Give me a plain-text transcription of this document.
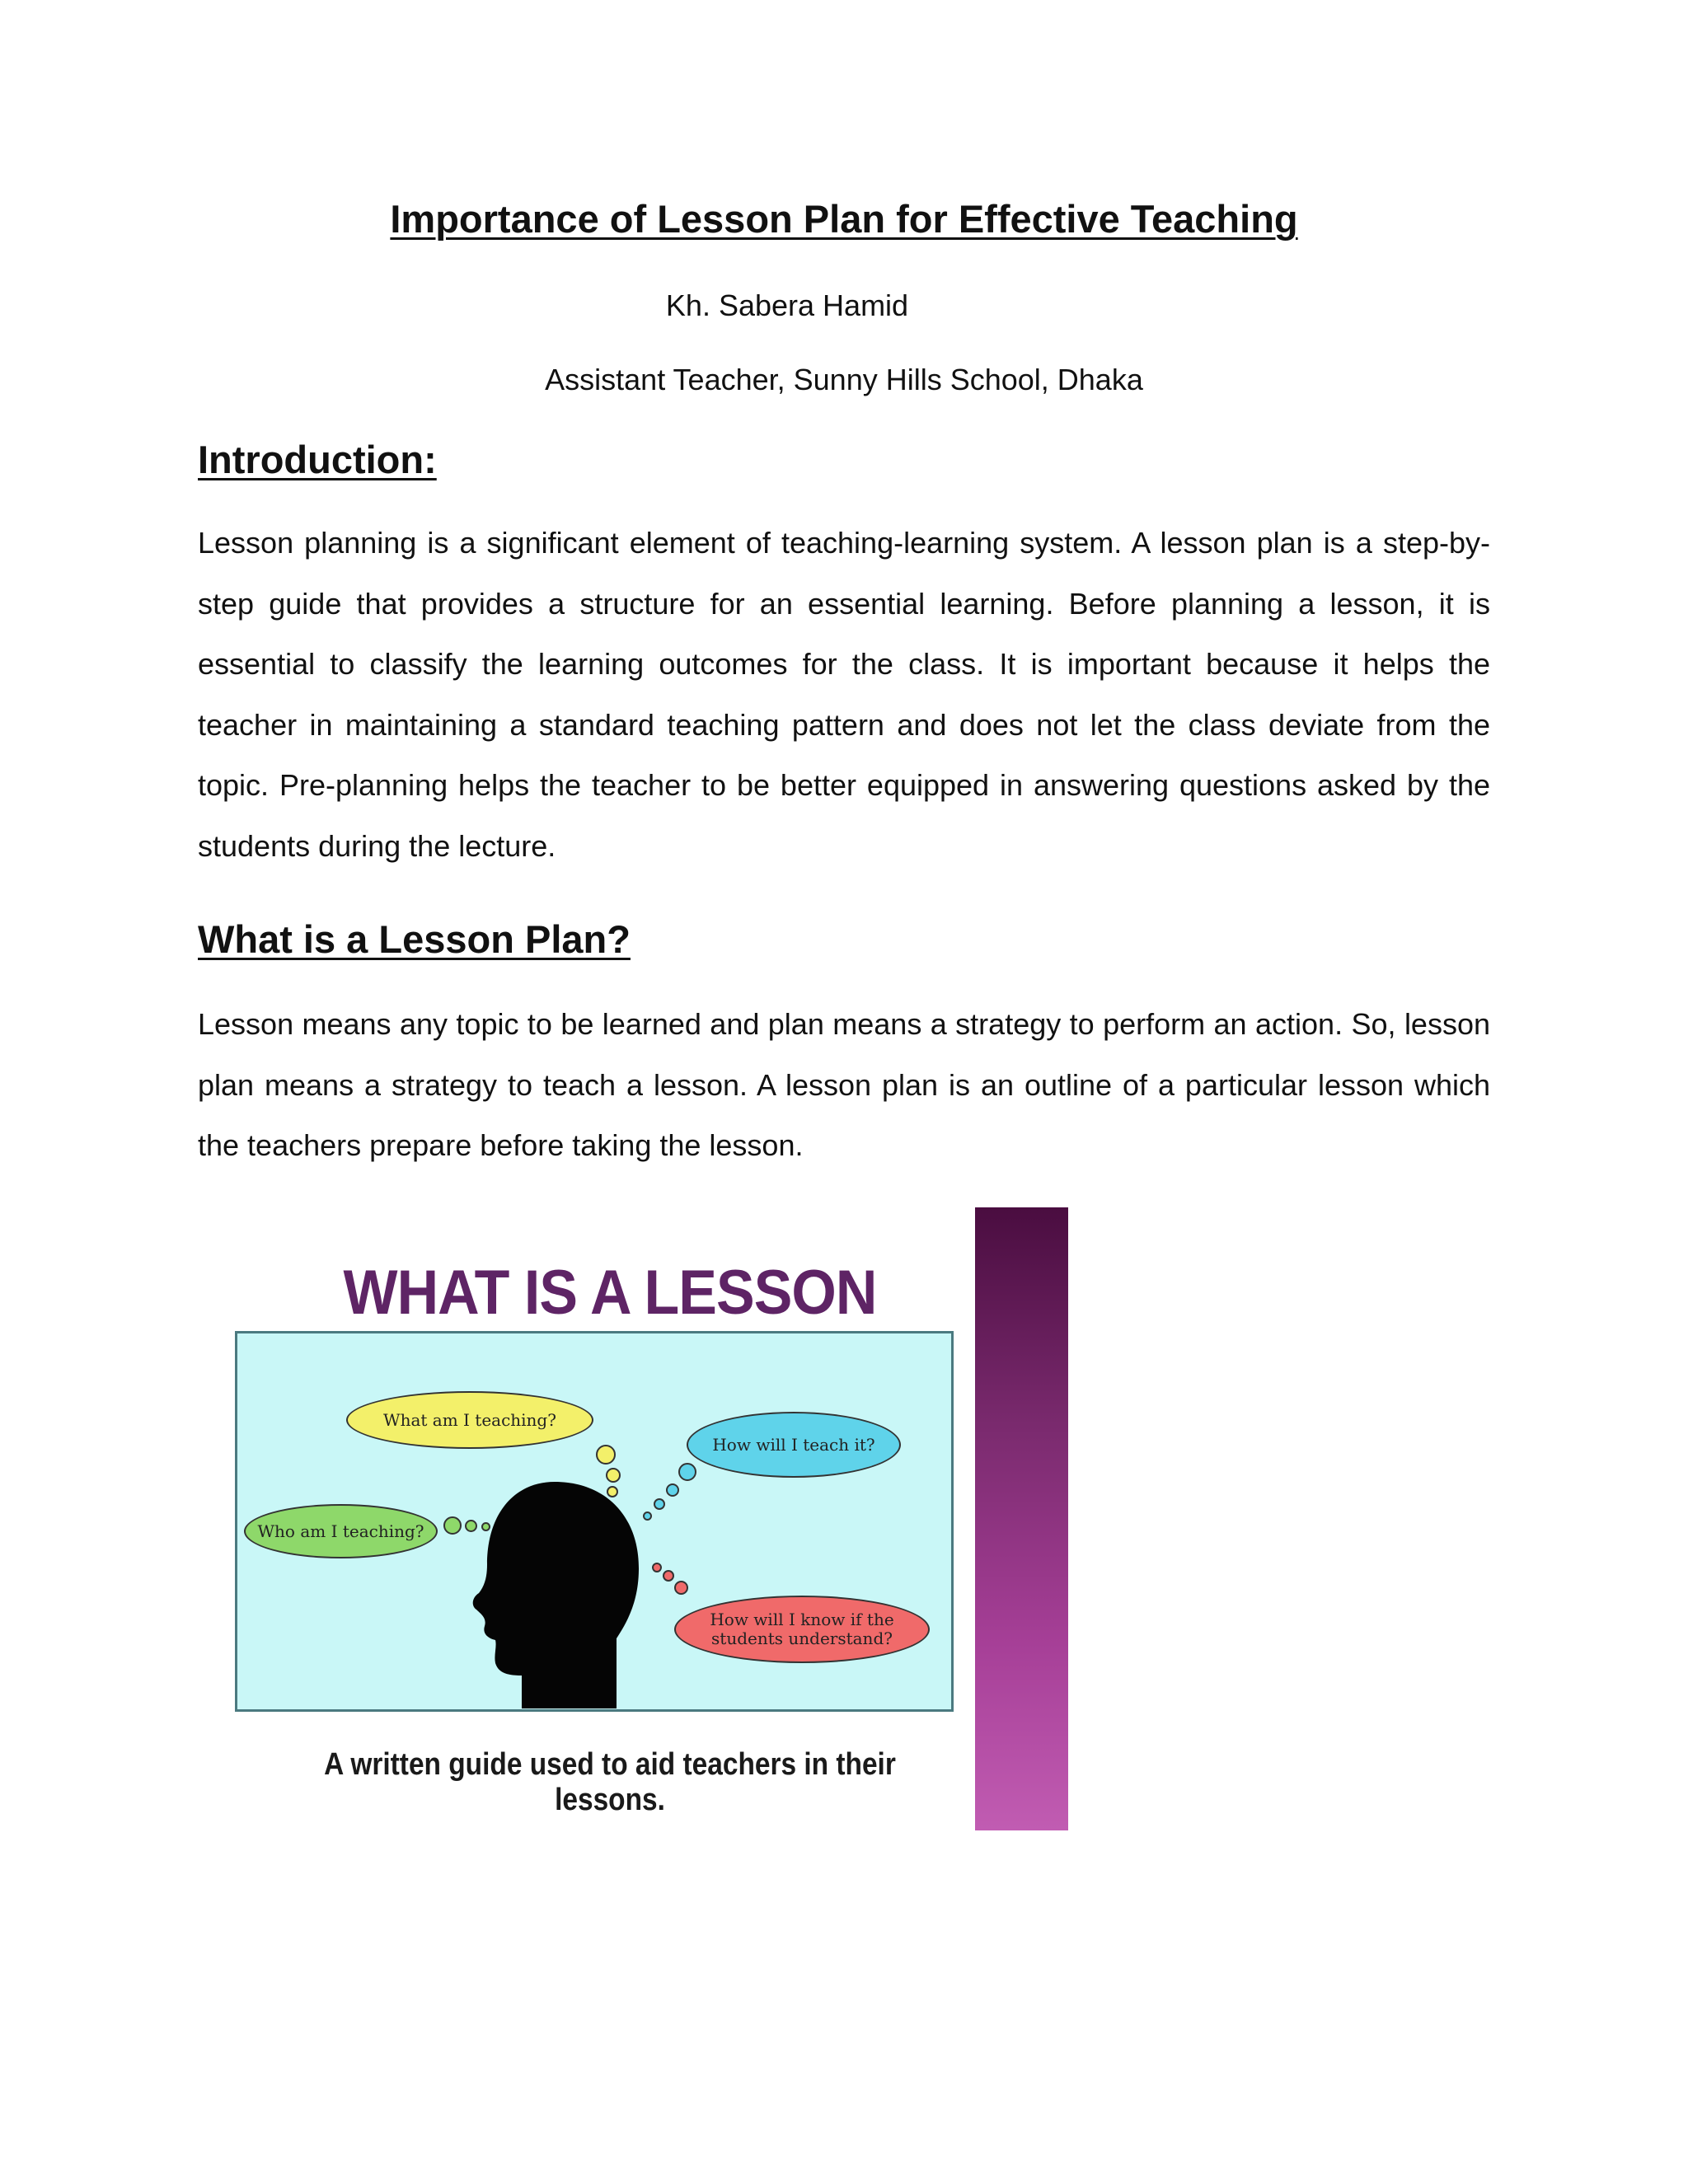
Importance of Lesson Plan for Effective Teaching

Kh. Sabera Hamid

Assistant Teacher, Sunny Hills School, Dhaka

Introduction:

Lesson planning is a significant element of teaching-learning system. A lesson plan is a step-by-step guide that provides a structure for an essential learning. Before planning a lesson, it is essential to classify the learning outcomes for the class. It is important because it helps the teacher in maintaining a standard teaching pattern and does not let the class deviate from the topic. Pre-planning helps the teacher to be better equipped in answering questions asked by the students during the lecture.

What is a Lesson Plan?

Lesson means any topic to be learned and plan means a strategy to perform an action. So, lesson plan means a strategy to teach a lesson. A lesson plan is an outline of a particular lesson which the teachers prepare before taking the lesson.

WHAT IS A LESSON
What am I teaching?
How will I teach it?
Who am I teaching?
How will I know if the students understand?
A written guide used to aid teachers in their lessons.
